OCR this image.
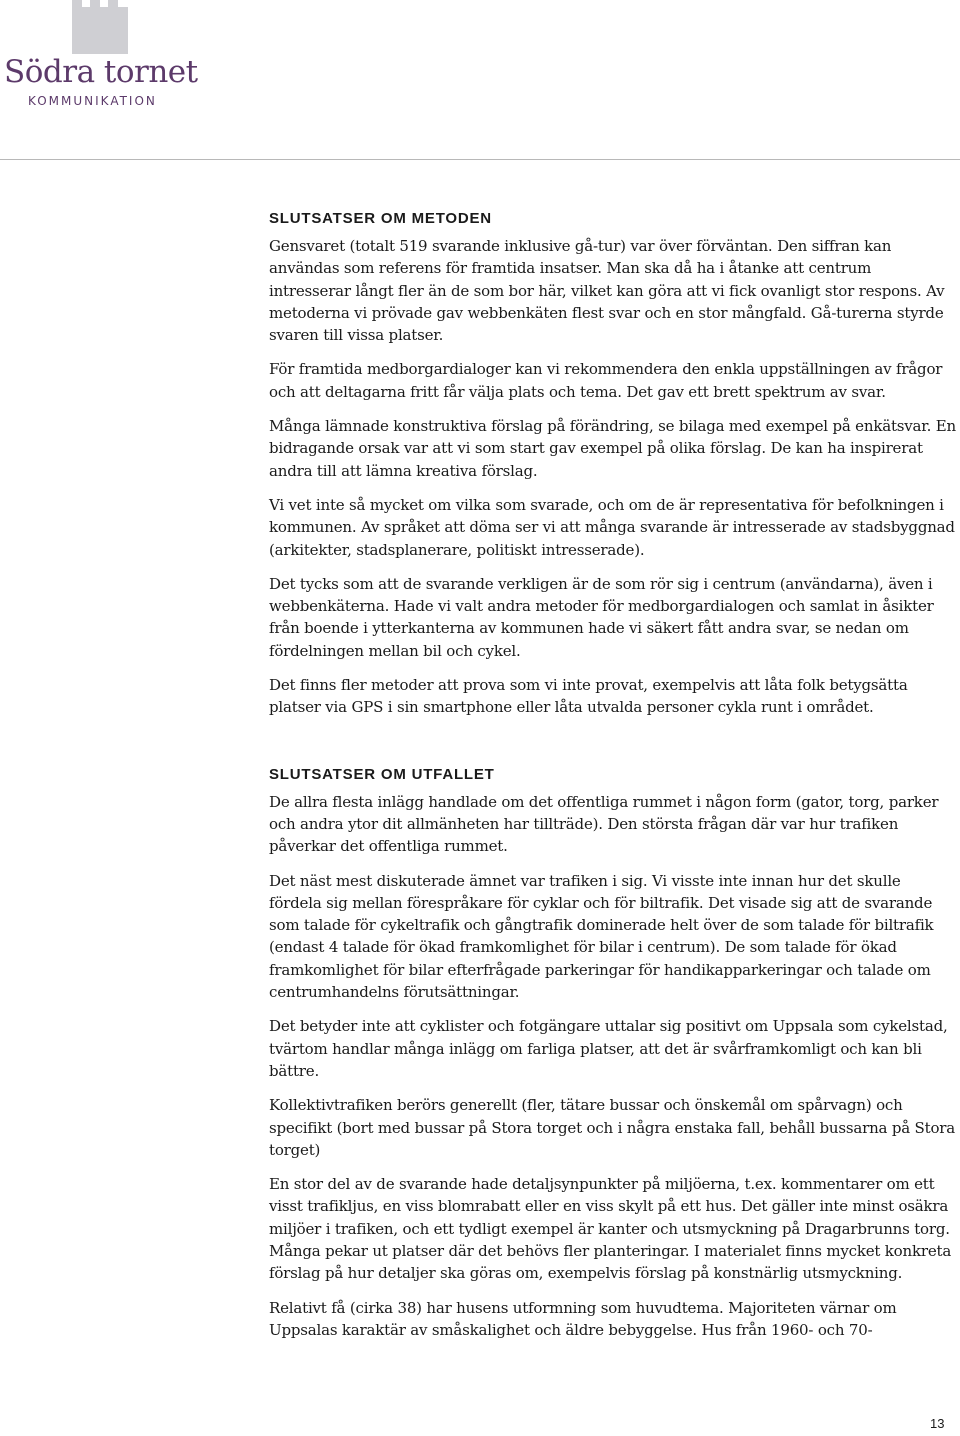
Södra tornet
KOMMUNIKATION
SLUTSATSER OM METODEN

Gensvaret (totalt 519 svarande inklusive gå-tur) var över förväntan. Den siffran kan användas som referens för framtida insatser. Man ska då ha i åtanke att centrum intresserar långt fler än de som bor här, vilket kan göra att vi fick ovanligt stor respons. Av metoderna vi prövade gav webbenkäten flest svar och en stor mångfald. Gå-turerna styrde svaren till vissa platser.

För framtida medborgardialoger kan vi rekommendera den enkla uppställningen av frågor och att deltagarna fritt får välja plats och tema. Det gav ett brett spektrum av svar.

Många lämnade konstruktiva förslag på förändring, se bilaga med exempel på enkätsvar. En bidragande orsak var att vi som start gav exempel på olika förslag. De kan ha inspirerat andra till att lämna kreativa förslag.

Vi vet inte så mycket om vilka som svarade, och om de är representativa för befolkningen i kommunen. Av språket att döma ser vi att många svarande är intresserade av stadsbyggnad (arkitekter, stadsplanerare, politiskt intresserade).

Det tycks som att de svarande verkligen är de som rör sig i centrum (användarna), även i webbenkäterna. Hade vi valt andra metoder för medborgardialogen och samlat in åsikter från boende i ytterkanterna av kommunen hade vi säkert fått andra svar, se nedan om fördelningen mellan bil och cykel.

Det finns fler metoder att prova som vi inte provat, exempelvis att låta folk betygsätta platser via GPS i sin smartphone eller låta utvalda personer cykla runt i området.

SLUTSATSER OM UTFALLET

De allra flesta inlägg handlade om det offentliga rummet i någon form (gator, torg, parker och andra ytor dit allmänheten har tillträde). Den största frågan där var hur trafiken påverkar det offentliga rummet.

Det näst mest diskuterade ämnet var trafiken i sig. Vi visste inte innan hur det skulle fördela sig mellan förespråkare för cyklar och för biltrafik. Det visade sig att de svarande som talade för cykeltrafik och gångtrafik dominerade helt över de som talade för biltrafik (endast 4 talade för ökad framkomlighet för bilar i centrum). De som talade för ökad framkomlighet för bilar efterfrågade parkeringar för handikapparkeringar och talade om centrumhandelns förutsättningar.

Det betyder inte att cyklister och fotgängare uttalar sig positivt om Uppsala som cykelstad, tvärtom handlar många inlägg om farliga platser, att det är svårframkomligt och kan bli bättre.

Kollektivtrafiken berörs generellt (fler, tätare bussar och önskemål om spårvagn) och specifikt (bort med bussar på Stora torget och i några enstaka fall, behåll bussarna på Stora torget)

En stor del av de svarande hade detaljsynpunkter på miljöerna, t.ex. kommentarer om ett visst trafikljus, en viss blomrabatt eller en viss skylt på ett hus. Det gäller inte minst osäkra miljöer i trafiken, och ett tydligt exempel är kanter och utsmyckning på Dragarbrunns torg. Många pekar ut platser där det behövs fler planteringar. I materialet finns mycket konkreta förslag på hur detaljer ska göras om, exempelvis förslag på konstnärlig utsmyckning.

Relativt få (cirka 38) har husens utformning som huvudtema. Majoriteten värnar om Uppsalas karaktär av småskalighet och äldre bebyggelse. Hus från 1960- och 70-

13
